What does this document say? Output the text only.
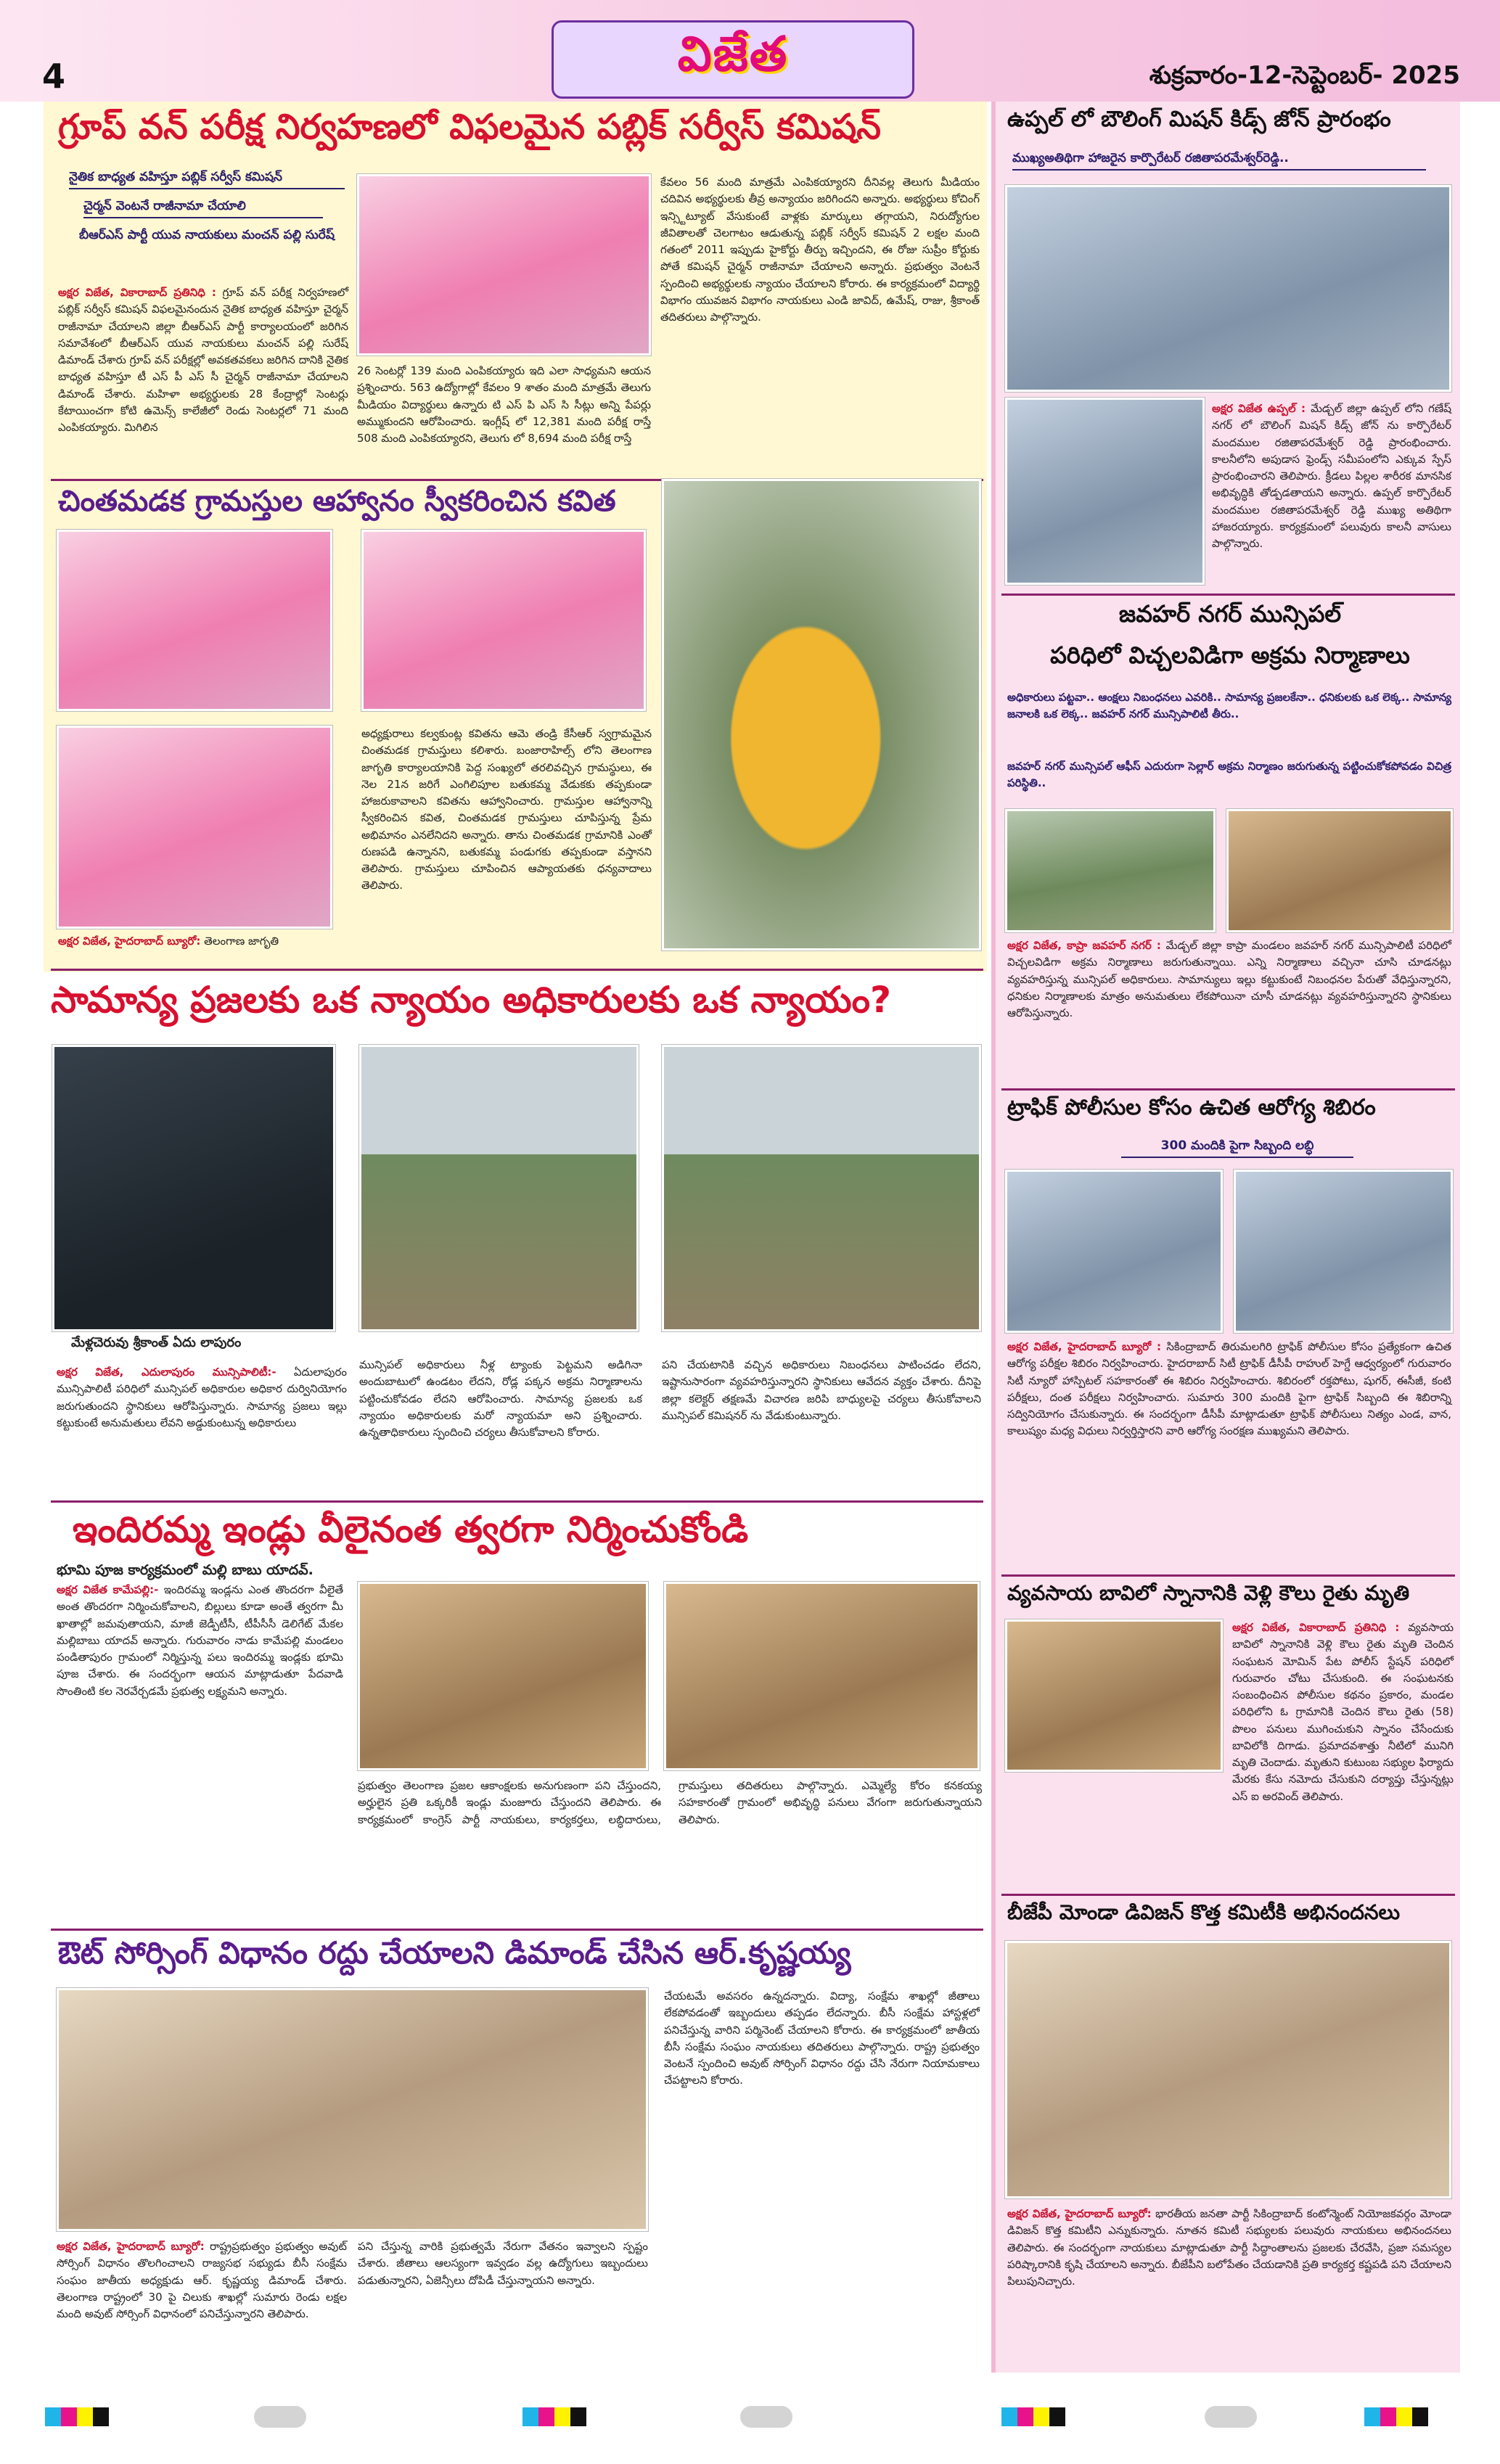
4	విజేత	శుక్రవారం-12-సెప్టెంబర్- 2025
గ్రూప్ వన్ పరీక్ష నిర్వహణలో విఫలమైన పబ్లిక్ సర్వీస్ కమిషన్
నైతిక బాధ్యత వహిస్తూ పబ్లిక్ సర్వీస్ కమిషన్
చైర్మన్ వెంటనే రాజీనామా చేయాలి
బీఆర్ఎస్ పార్టీ యువ నాయకులు మంచన్ పల్లి సురేష్
అక్షర విజేత, వికారాబాద్ ప్రతినిధి : గ్రూప్ వన్ పరీక్ష నిర్వహణలో పబ్లిక్ సర్వీస్ కమిషన్ విఫలమైనందున నైతిక బాధ్యత వహిస్తూ చైర్మన్ రాజీనామా చేయాలని జిల్లా బీఆర్ఎస్ పార్టీ కార్యాలయంలో జరిగిన సమావేశంలో బీఆర్ఎస్ యువ నాయకులు మంచన్ పల్లి సురేష్ డిమాండ్ చేశారు గ్రూప్ వన్ పరీక్షల్లో అవకతవకలు జరిగిన దానికి నైతిక బాధ్యత వహిస్తూ టీ ఎస్ పీ ఎస్ సీ చైర్మన్ రాజీనామా చేయాలని డిమాండ్ చేశారు. మహిళా అభ్యర్థులకు 28 కేంద్రాల్లో సెంటర్లు కేటాయించగా కోటి ఉమెన్స్ కాలేజీలో రెండు సెంటర్లలో 71 మంది ఎంపికయ్యారు. మిగిలిన
26 సెంటర్లో 139 మంది ఎంపికయ్యారు ఇది ఎలా సాధ్యమని ఆయన ప్రశ్నించారు. 563 ఉద్యోగాల్లో కేవలం 9 శాతం మంది మాత్రమే తెలుగు మీడియం విద్యార్థులు ఉన్నారు టి ఎస్ పి ఎస్ సి సీట్లు అన్ని పేపర్లు అమ్ముకుందని ఆరోపించారు. ఇంగ్లీష్ లో 12,381 మంది పరీక్ష రాస్తే 508 మంది ఎంపికయ్యారని, తెలుగు లో 8,694 మంది పరీక్ష రాస్తే
కేవలం 56 మంది మాత్రమే ఎంపికయ్యారని దీనివల్ల తెలుగు మీడియం చదివిన అభ్యర్థులకు తీవ్ర అన్యాయం జరిగిందని అన్నారు. అభ్యర్థులు కోచింగ్ ఇన్స్టిట్యూట్ వేసుకుంటే వాళ్లకు మార్కులు తగ్గాయని, నిరుద్యోగుల జీవితాలతో చెలగాటం ఆడుతున్న పబ్లిక్ సర్వీస్ కమిషన్ 2 లక్షల మంది గతంలో 2011 ఇప్పుడు హైకోర్టు తీర్పు ఇచ్చిందని, ఈ రోజు సుప్రీం కోర్టుకు పోతే కమిషన్ చైర్మన్ రాజీనామా చేయాలని అన్నారు. ప్రభుత్వం వెంటనే స్పందించి అభ్యర్థులకు న్యాయం చేయాలని కోరారు. ఈ కార్యక్రమంలో విద్యార్థి విభాగం యువజన విభాగం నాయకులు ఎండి జావిద్, ఉమేష్, రాజు, శ్రీకాంత్ తదితరులు పాల్గొన్నారు.
చింతమడక గ్రామస్తుల ఆహ్వానం స్వీకరించిన కవిత
అధ్యక్షురాలు కల్వకుంట్ల కవితను ఆమె తండ్రి కేసీఆర్ స్వగ్రామమైన చింతమడక గ్రామస్తులు కలిశారు. బంజారాహిల్స్ లోని తెలంగాణ జాగృతి కార్యాలయానికి పెద్ద సంఖ్యలో తరలివచ్చిన గ్రామస్థులు, ఈ నెల 21న జరిగే ఎంగిలిపూల బతుకమ్మ వేడుకకు తప్పకుండా హాజరుకావాలని కవితను ఆహ్వానించారు. గ్రామస్తుల ఆహ్వానాన్ని స్వీకరించిన కవిత, చింతమడక గ్రామస్తులు చూపిస్తున్న ప్రేమ అభిమానం ఎనలేనిదని అన్నారు. తాను చింతమడక గ్రామానికి ఎంతో రుణపడి ఉన్నానని, బతుకమ్మ పండుగకు తప్పకుండా వస్తానని తెలిపారు. గ్రామస్తులు చూపించిన ఆప్యాయతకు ధన్యవాదాలు తెలిపారు.
అక్షర విజేత, హైదరాబాద్ బ్యూరో: తెలంగాణ జాగృతి
సామాన్య ప్రజలకు ఒక న్యాయం అధికారులకు ఒక న్యాయం?
మేళ్లచెరువు శ్రీకాంత్ ఏదు లాపురం
అక్షర విజేత, ఎదులాపురం మున్సిపాలిటీ:- ఏదులాపురం మున్సిపాలిటీ పరిధిలో మున్సిపల్ అధికారుల అధికార దుర్వినియోగం జరుగుతుందని స్థానికులు ఆరోపిస్తున్నారు. సామాన్య ప్రజలు ఇల్లు కట్టుకుంటే అనుమతులు లేవని అడ్డుకుంటున్న అధికారులు
మున్సిపల్ అధికారులు నీళ్ల ట్యాంకు పెట్టమని అడిగినా అందుబాటులో ఉండటం లేదని, రోడ్ల పక్కన అక్రమ నిర్మాణాలను పట్టించుకోవడం లేదని ఆరోపించారు. సామాన్య ప్రజలకు ఒక న్యాయం అధికారులకు మరో న్యాయమా అని ప్రశ్నించారు. ఉన్నతాధికారులు స్పందించి చర్యలు తీసుకోవాలని కోరారు.
పని చేయటానికి వచ్చిన అధికారులు నిబంధనలు పాటించడం లేదని, ఇష్టానుసారంగా వ్యవహరిస్తున్నారని స్థానికులు ఆవేదన వ్యక్తం చేశారు. దీనిపై జిల్లా కలెక్టర్ తక్షణమే విచారణ జరిపి బాధ్యులపై చర్యలు తీసుకోవాలని మున్సిపల్ కమిషనర్ ను వేడుకుంటున్నారు.
ఇందిరమ్మ ఇండ్లు వీలైనంత త్వరగా నిర్మించుకోండి
భూమి పూజ కార్యక్రమంలో మల్లి బాబు యాదవ్.
అక్షర విజేత కామేపల్లి:- ఇందిరమ్మ ఇండ్లను ఎంత తొందరగా వీలైతే అంత తొందరగా నిర్మించుకోవాలని, బిల్లులు కూడా అంతే త్వరగా మీ ఖాతాల్లో జమవుతాయని, మాజీ జెడ్పీటీసీ, టీపీసీసీ డెలిగేట్ మేకల మల్లిబాబు యాదవ్ అన్నారు. గురువారం నాడు కామేపల్లి మండలం పండితాపురం గ్రామంలో నిర్మిస్తున్న పలు ఇందిరమ్మ ఇండ్లకు భూమి పూజ చేశారు. ఈ సందర్భంగా ఆయన మాట్లాడుతూ పేదవాడి సొంతింటి కల నెరవేర్చడమే ప్రభుత్వ లక్ష్యమని అన్నారు.
ప్రభుత్వం తెలంగాణ ప్రజల ఆకాంక్షలకు అనుగుణంగా పని చేస్తుందని, అర్హులైన ప్రతి ఒక్కరికీ ఇండ్లు మంజూరు చేస్తుందని తెలిపారు. ఈ కార్యక్రమంలో కాంగ్రెస్ పార్టీ నాయకులు, కార్యకర్తలు, లబ్ధిదారులు, గ్రామస్తులు తదితరులు పాల్గొన్నారు. ఎమ్మెల్యే కోరం కనకయ్య సహకారంతో గ్రామంలో అభివృద్ధి పనులు వేగంగా జరుగుతున్నాయని తెలిపారు.
ఔట్ సోర్సింగ్ విధానం రద్దు చేయాలని డిమాండ్ చేసిన ఆర్.కృష్ణయ్య
అక్షర విజేత, హైదరాబాద్ బ్యూరో: రాష్ట్రప్రభుత్వం ప్రభుత్వం అవుట్ సోర్సింగ్ విధానం తొలగించాలని రాజ్యసభ సభ్యుడు బీసీ సంక్షేమ సంఘం జాతీయ అధ్యక్షుడు ఆర్. కృష్ణయ్య డిమాండ్ చేశారు. తెలంగాణ రాష్ట్రంలో 30 పై చిలుకు శాఖల్లో సుమారు రెండు లక్షల మంది అవుట్ సోర్సింగ్ విధానంలో పనిచేస్తున్నారని తెలిపారు.
పని చేస్తున్న వారికి ప్రభుత్వమే నేరుగా వేతనం ఇవ్వాలని స్పష్టం చేశారు. జీతాలు ఆలస్యంగా ఇవ్వడం వల్ల ఉద్యోగులు ఇబ్బందులు పడుతున్నారని, ఏజెన్సీలు దోపిడీ చేస్తున్నాయని అన్నారు.
చేయటమే అవసరం ఉన్నదన్నారు. విద్యా, సంక్షేమ శాఖల్లో జీతాలు లేకపోవడంతో ఇబ్బందులు తప్పడం లేదన్నారు. బీసీ సంక్షేమ హాస్టళ్లలో పనిచేస్తున్న వారిని పర్మినెంట్ చేయాలని కోరారు. ఈ కార్యక్రమంలో జాతీయ బీసీ సంక్షేమ సంఘం నాయకులు తదితరులు పాల్గొన్నారు. రాష్ట్ర ప్రభుత్వం వెంటనే స్పందించి అవుట్ సోర్సింగ్ విధానం రద్దు చేసి నేరుగా నియామకాలు చేపట్టాలని కోరారు.
ఉప్పల్ లో బౌలింగ్ మిషన్ కిడ్స్ జోన్ ప్రారంభం
ముఖ్యఅతిథిగా హాజరైన కార్పొరేటర్ రజితాపరమేశ్వర్‌రెడ్డి..
అక్షర విజేత ఉప్పల్ : మేడ్చల్ జిల్లా ఉప్పల్ లోని గణేష్ నగర్ లో బౌలింగ్ మిషన్ కిడ్స్ జోన్ ను కార్పొరేటర్ మందముల రజితాపరమేశ్వర్ రెడ్డి ప్రారంభించారు. కాలనీలోని అపుడాస ఫ్రెండ్స్ సమీపంలోని ఎక్కువ స్పేస్ ప్రారంభించారని తెలిపారు. క్రీడలు పిల్లల శారీరక మానసిక అభివృద్ధికి తోడ్పడతాయని అన్నారు. ఉప్పల్ కార్పొరేటర్ మందముల రజితాపరమేశ్వర్ రెడ్డి ముఖ్య అతిథిగా హాజరయ్యారు. కార్యక్రమంలో పలువురు కాలనీ వాసులు పాల్గొన్నారు.
జవహర్ నగర్ మున్సిపల్
పరిధిలో విచ్చలవిడిగా అక్రమ నిర్మాణాలు
అధికారులు పట్టవా.. ఆంక్షలు నిబంధనలు ఎవరికి.. సామాన్య ప్రజలకేనా.. ధనికులకు ఒక లెక్క.. సామాన్య జనాలకి ఒక లెక్క.. జవహర్ నగర్ మున్సిపాలిటీ తీరు..
జవహర్ నగర్ మున్సిపల్ ఆఫీస్ ఎదురుగా సెల్లార్ అక్రమ నిర్మాణం జరుగుతున్న పట్టించుకోకపోవడం విచిత్ర పరిస్థితి..
అక్షర విజేత, కాప్రా జవహర్ నగర్ : మేడ్చల్ జిల్లా కాప్రా మండలం జవహర్ నగర్ మున్సిపాలిటీ పరిధిలో విచ్చలవిడిగా అక్రమ నిర్మాణాలు జరుగుతున్నాయి. ఎన్ని నిర్మాణాలు వచ్చినా చూసి చూడనట్లు వ్యవహరిస్తున్న మున్సిపల్ అధికారులు. సామాన్యులు ఇల్లు కట్టుకుంటే నిబంధనల పేరుతో వేధిస్తున్నారని, ధనికుల నిర్మాణాలకు మాత్రం అనుమతులు లేకపోయినా చూసీ చూడనట్లు వ్యవహరిస్తున్నారని స్థానికులు ఆరోపిస్తున్నారు.
ట్రాఫిక్ పోలీసుల కోసం ఉచిత ఆరోగ్య శిబిరం
300 మందికి పైగా సిబ్బంది లబ్ధి
అక్షర విజేత, హైదరాబాద్ బ్యూరో : సికింద్రాబాద్ తిరుమలగిరి ట్రాఫిక్ పోలీసుల కోసం ప్రత్యేకంగా ఉచిత ఆరోగ్య పరీక్షల శిబిరం నిర్వహించారు. హైదరాబాద్ సిటీ ట్రాఫిక్ డీసీపీ రాహుల్ హెగ్డే ఆధ్వర్యంలో గురువారం సిటీ న్యూరో హాస్పిటల్ సహకారంతో ఈ శిబిరం నిర్వహించారు. శిబిరంలో రక్తపోటు, షుగర్, ఈసీజీ, కంటి పరీక్షలు, దంత పరీక్షలు నిర్వహించారు. సుమారు 300 మందికి పైగా ట్రాఫిక్ సిబ్బంది ఈ శిబిరాన్ని సద్వినియోగం చేసుకున్నారు. ఈ సందర్భంగా డీసీపీ మాట్లాడుతూ ట్రాఫిక్ పోలీసులు నిత్యం ఎండ, వాన, కాలుష్యం మధ్య విధులు నిర్వర్తిస్తారని వారి ఆరోగ్య సంరక్షణ ముఖ్యమని తెలిపారు.
వ్యవసాయ బావిలో స్నానానికి వెళ్లి కౌలు రైతు మృతి
అక్షర విజేత, వికారాబాద్ ప్రతినిధి : వ్యవసాయ బావిలో స్నానానికి వెళ్లి కౌలు రైతు మృతి చెందిన సంఘటన మోమిన్ పేట పోలీస్ స్టేషన్ పరిధిలో గురువారం చోటు చేసుకుంది. ఈ సంఘటనకు సంబంధించిన పోలీసుల కథనం ప్రకారం, మండల పరిధిలోని ఓ గ్రామానికి చెందిన కౌలు రైతు (58) పొలం పనులు ముగించుకుని స్నానం చేసేందుకు బావిలోకి దిగాడు. ప్రమాదవశాత్తు నీటిలో మునిగి మృతి చెందాడు. మృతుని కుటుంబ సభ్యుల ఫిర్యాదు మేరకు కేసు నమోదు చేసుకుని దర్యాప్తు చేస్తున్నట్లు ఎస్ ఐ అరవింద్ తెలిపారు.
బీజేపీ మోండా డివిజన్ కొత్త కమిటీకి అభినందనలు
అక్షర విజేత, హైదరాబాద్ బ్యూరో: భారతీయ జనతా పార్టీ సికింద్రాబాద్ కంటోన్మెంట్ నియోజకవర్గం మోండా డివిజన్ కొత్త కమిటీని ఎన్నుకున్నారు. నూతన కమిటీ సభ్యులకు పలువురు నాయకులు అభినందనలు తెలిపారు. ఈ సందర్భంగా నాయకులు మాట్లాడుతూ పార్టీ సిద్ధాంతాలను ప్రజలకు చేరవేసి, ప్రజా సమస్యల పరిష్కారానికి కృషి చేయాలని అన్నారు. బీజేపీని బలోపేతం చేయడానికి ప్రతి కార్యకర్త కష్టపడి పని చేయాలని పిలుపునిచ్చారు.
